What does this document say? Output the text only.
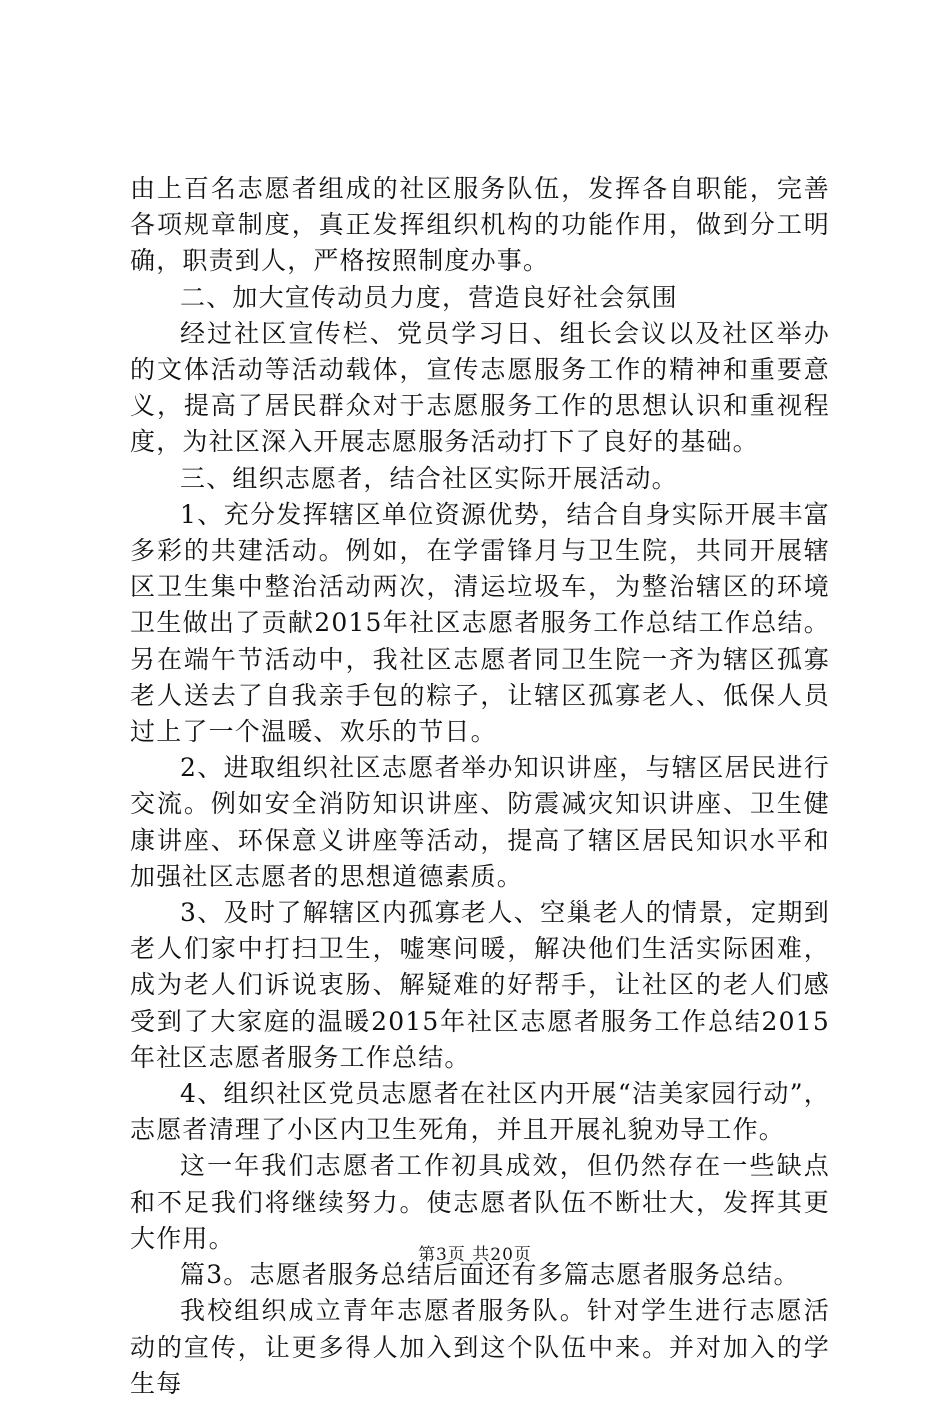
由上百名志愿者组成的社区服务队伍，发挥各自职能，完善各项规章制度，真正发挥组织机构的功能作用，做到分工明确，职责到人，严格按照制度办事。

二、加大宣传动员力度，营造良好社会氛围

经过社区宣传栏、党员学习日、组长会议以及社区举办的文体活动等活动载体，宣传志愿服务工作的精神和重要意义，提高了居民群众对于志愿服务工作的思想认识和重视程度，为社区深入开展志愿服务活动打下了良好的基础。

三、组织志愿者，结合社区实际开展活动。

1、充分发挥辖区单位资源优势，结合自身实际开展丰富多彩的共建活动。例如，在学雷锋月与卫生院，共同开展辖区卫生集中整治活动两次，清运垃圾车，为整治辖区的环境卫生做出了贡献2015年社区志愿者服务工作总结工作总结。另在端午节活动中，我社区志愿者同卫生院一齐为辖区孤寡老人送去了自我亲手包的粽子，让辖区孤寡老人、低保人员过上了一个温暖、欢乐的节日。

2、进取组织社区志愿者举办知识讲座，与辖区居民进行交流。例如安全消防知识讲座、防震减灾知识讲座、卫生健康讲座、环保意义讲座等活动，提高了辖区居民知识水平和加强社区志愿者的思想道德素质。

3、及时了解辖区内孤寡老人、空巢老人的情景，定期到老人们家中打扫卫生，嘘寒问暖，解决他们生活实际困难，成为老人们诉说衷肠、解疑难的好帮手，让社区的老人们感受到了大家庭的温暖2015年社区志愿者服务工作总结2015年社区志愿者服务工作总结。

4、组织社区党员志愿者在社区内开展“洁美家园行动”，志愿者清理了小区内卫生死角，并且开展礼貌劝导工作。

这一年我们志愿者工作初具成效，但仍然存在一些缺点和不足我们将继续努力。使志愿者队伍不断壮大，发挥其更大作用。

篇3。志愿者服务总结后面还有多篇志愿者服务总结。

我校组织成立青年志愿者服务队。针对学生进行志愿活动的宣传，让更多得人加入到这个队伍中来。并对加入的学生每

第3页 共20页
